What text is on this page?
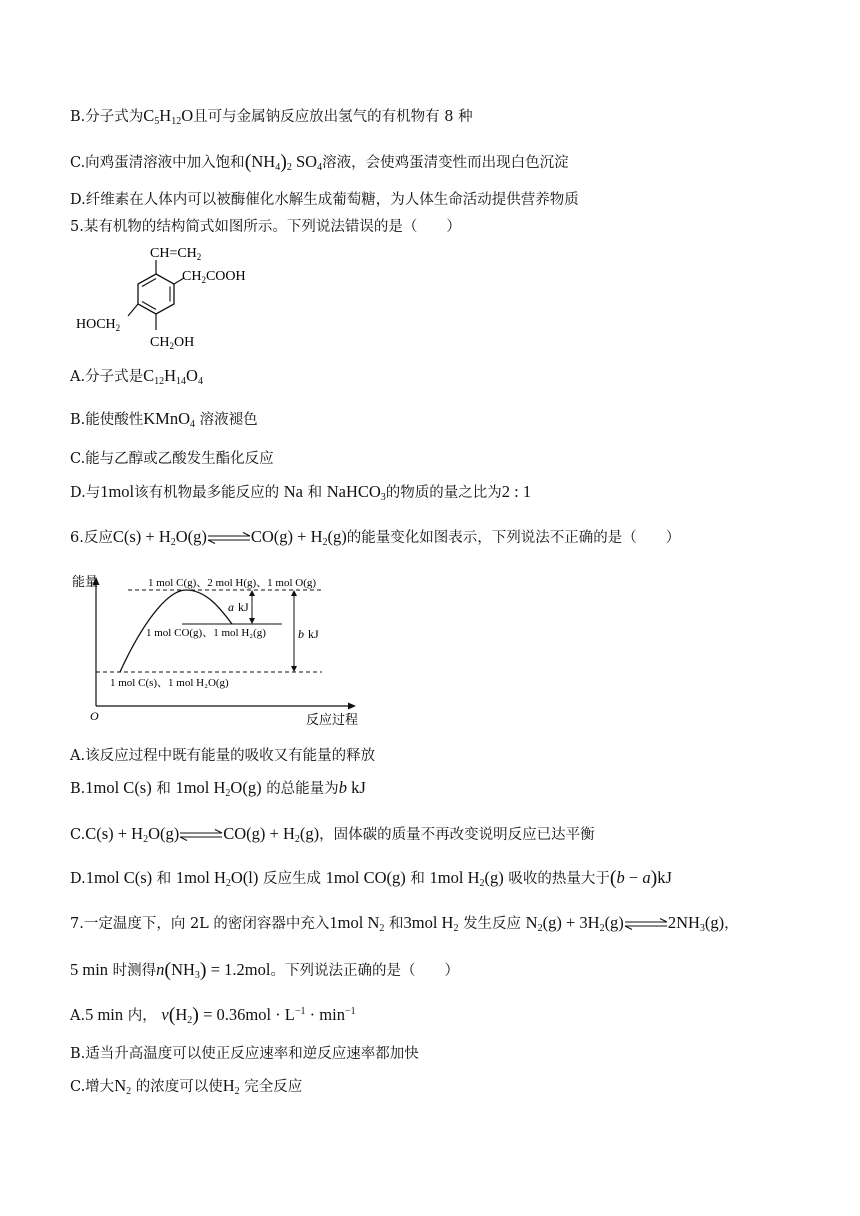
B.分子式为$C_5H_{12}O$且可与金属钠反应放出氢气的有机物有 8 种
C.向鸡蛋清溶液中加入饱和$(NH_4)_2$ $SO_4$溶液，会使鸡蛋清变性而出现白色沉淀
D.纤维素在人体内可以被酶催化水解生成葡萄糖，为人体生命活动提供营养物质
5.某有机物的结构简式如图所示。下列说法错误的是（　　）
$CH=CH_2$
$CH_2COOH$
$HOCH_2$
$CH_2OH$
A.分子式是$C_{12}H_{14}O_4$
B.能使酸性KMnO$_4$ 溶液褪色
C.能与乙醇或乙酸发生酯化反应
D.与1mol该有机物最多能反应的 Na 和 NaHCO$_3$的物质的量之比为2 : 1
6.反应$C(s) + H_2O(g)\rightleftharpoons CO(g) + H_2(g)$的能量变化如图表示，下列说法不正确的是（　　）
能量
O	反应过程
1 mol C(g)、2 mol H(g)、1 mol O(g)
1 mol CO(g)、1 mol H₂(g)
1 mol C(s)、1 mol H₂O(g)
a kJ
b kJ
A.该反应过程中既有能量的吸收又有能量的释放
B.1mol C(s) 和 1mol $H_2O(g)$ 的总能量为b kJ
$C.C(s) + H_2O(g)\rightleftharpoons CO(g) + H_2(g)$，固体碳的质量不再改变说明反应已达平衡
D.1mol C(s) 和 1mol $H_2O(l)$ 反应生成 1mol CO(g) 和 1mol $H_2(g)$ 吸收的热量大于(b − a)kJ
7.一定温度下，向 2L 的密闭容器中充入1mol $N_2$ 和3mol $H_2$ 发生反应 $N_2(g)$ + $3H_2(g)\rightleftharpoons 2NH_3(g)$，
5 min 时测得$n(NH_3) = 1.2mol$。下列说法正确的是（　　）
A.5 min 内， $v(H_2) = 0.36mol \cdot L^{-1} \cdot \min^{-1}$
B.适当升高温度可以使正反应速率和逆反应速率都加快
C.增大$N_2$ 的浓度可以使$H_2$ 完全反应
